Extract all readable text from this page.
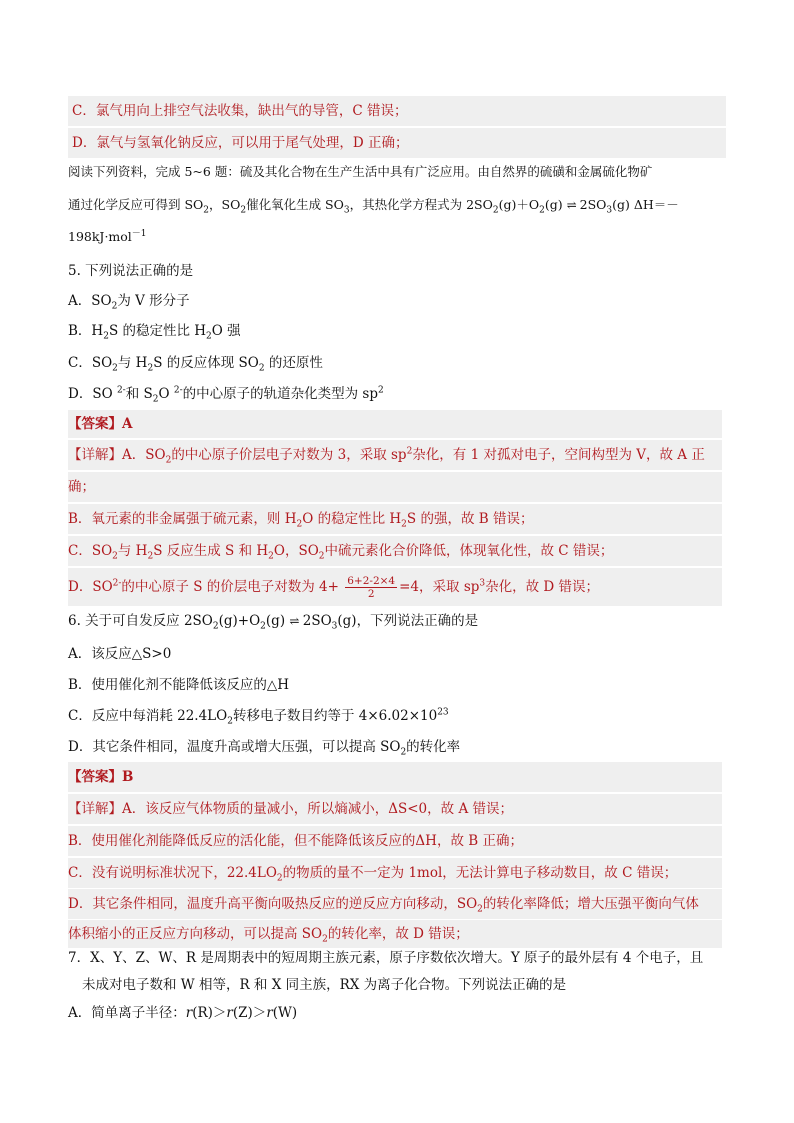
C．氯气用向上排空气法收集，缺出气的导管，C 错误；
D．氯气与氢氧化钠反应，可以用于尾气处理，D 正确；
阅读下列资料，完成 5~6 题：硫及其化合物在生产生活中具有广泛应用。由自然界的硫磺和金属硫化物矿
通过化学反应可得到 $SO_2$，$SO_2$催化氧化生成 $SO_3$，其热化学方程式为 $2SO_2(g)+O_2(g)$ ⇌ $2SO_3(g)$ ΔH＝－
198kJ·mol$^{-1}$
5. 下列说法正确的是
A．$SO_2$为 V 形分子
B．$H_2S$ 的稳定性比 $H_2O$ 强
C．$SO_2$与 $H_2S$ 的反应体现 $SO_2$ 的还原性
D．SO $^{2-}$和 $S_2O$ $^{2-}$的中心原子的轨道杂化类型为 $sp^2$
【答案】A
【详解】A．$SO_2$的中心原子价层电子对数为 3，采取 $sp^2$杂化，有 1 对孤对电子，空间构型为 V，故 A 正
确；
B．氧元素的非金属强于硫元素，则 $H_2O$ 的稳定性比 $H_2S$ 的强，故 B 错误；
C．$SO_2$与 $H_2S$ 反应生成 S 和 $H_2O$，$SO_2$中硫元素化合价降低，体现氧化性，故 C 错误；
D．$SO^{2-}$的中心原子 S 的价层电子对数为 $4+ \frac{6+2-2\times 4}{2} =4$，采取 $sp^3$杂化，故 D 错误；
6. 关于可自发反应 $2SO_2(g)+O_2(g)$ ⇌ $2SO_3(g)$，下列说法正确的是
A．该反应△S>0
B．使用催化剂不能降低该反应的△H
C．反应中每消耗 $22.4LO_2$转移电子数目约等于 $4\times 6.02\times 10^{23}$
D．其它条件相同，温度升高或增大压强，可以提高 $SO_2$的转化率
【答案】B
【详解】A．该反应气体物质的量减小，所以熵减小，ΔS<0，故 A 错误；
B．使用催化剂能降低反应的活化能，但不能降低该反应的ΔH，故 B 正确；
C．没有说明标准状况下，$22.4LO_2$的物质的量不一定为 1mol，无法计算电子移动数目，故 C 错误；
D．其它条件相同，温度升高平衡向吸热反应的逆反应方向移动，$SO_2$的转化率降低；增大压强平衡向气体
体积缩小的正反应方向移动，可以提高 $SO_2$的转化率，故 D 错误；
7．X、Y、Z、W、R 是周期表中的短周期主族元素，原子序数依次增大。Y 原子的最外层有 4 个电子，且
未成对电子数和 W 相等，R 和 X 同主族，RX 为离子化合物。下列说法正确的是
A．简单离子半径：r(R)＞r(Z)＞r(W)
